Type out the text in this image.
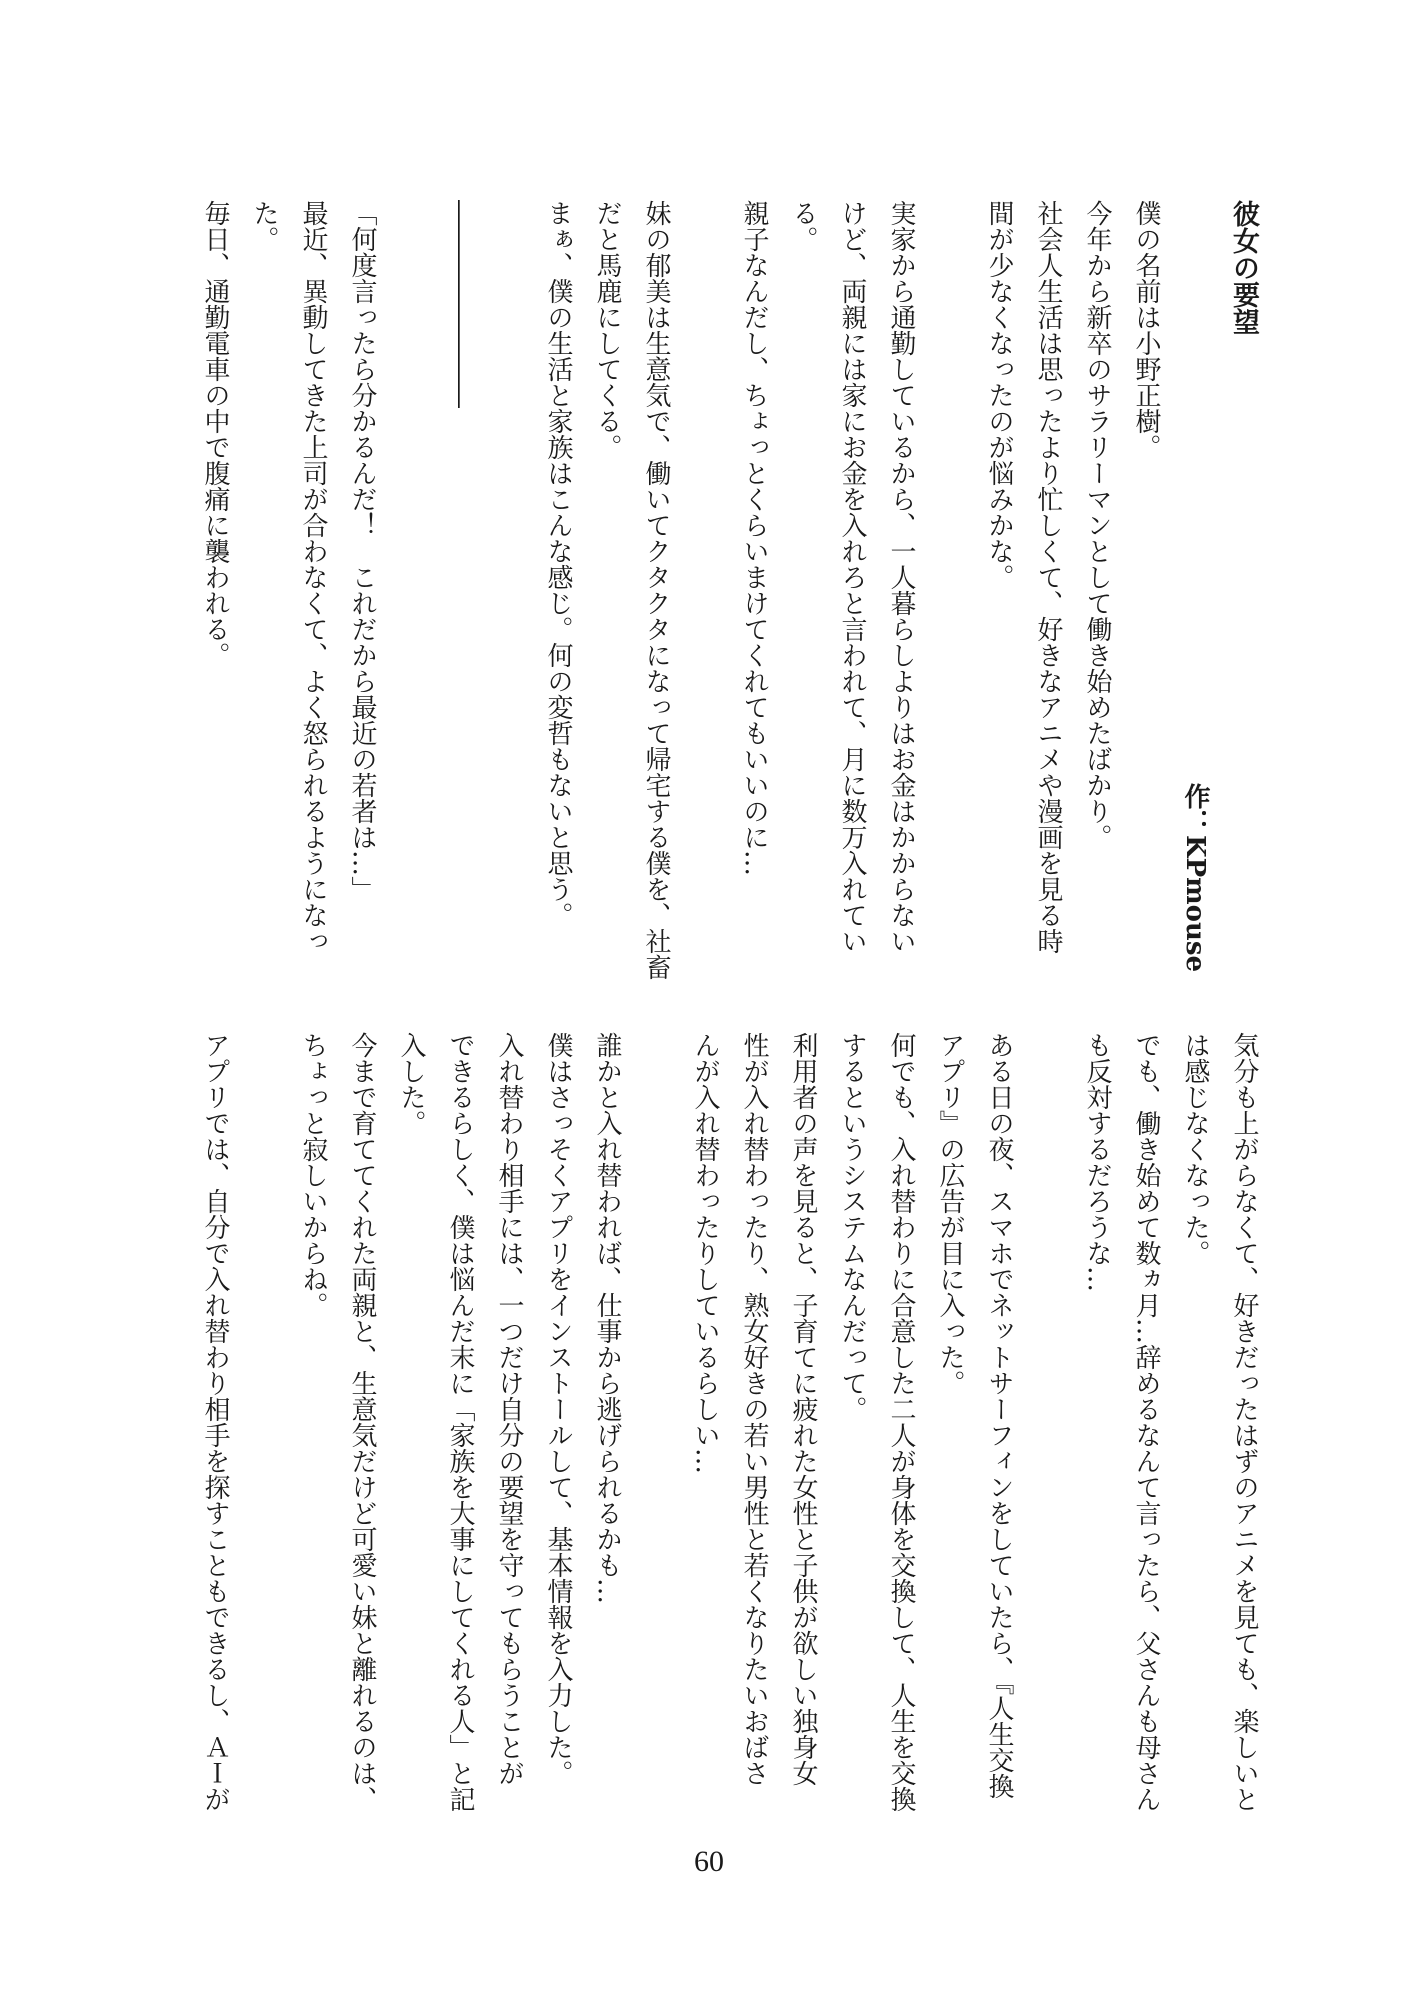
彼女の要望
作：KPmouse
僕の名前は小野正樹。
今年から新卒のサラリーマンとして働き始めたばかり。
社会人生活は思ったより忙しくて、好きなアニメや漫画を見る時
間が少なくなったのが悩みかな。
実家から通勤しているから、一人暮らしよりはお金はかからない
けど、両親には家にお金を入れろと言われて、月に数万入れてい
る。
親子なんだし、ちょっとくらいまけてくれてもいいのに…
妹の郁美は生意気で、働いてクタクタになって帰宅する僕を、社畜
だと馬鹿にしてくる。
まぁ、僕の生活と家族はこんな感じ。何の変哲もないと思う。
――――――――
「何度言ったら分かるんだ！　これだから最近の若者は…」
最近、異動してきた上司が合わなくて、よく怒られるようになっ
た。
毎日、通勤電車の中で腹痛に襲われる。
気分も上がらなくて、好きだったはずのアニメを見ても、楽しいと
は感じなくなった。
でも、働き始めて数ヵ月…辞めるなんて言ったら、父さんも母さん
も反対するだろうな…
ある日の夜、スマホでネットサーフィンをしていたら、『人生交換
アプリ』の広告が目に入った。
何でも、入れ替わりに合意した二人が身体を交換して、人生を交換
するというシステムなんだって。
利用者の声を見ると、子育てに疲れた女性と子供が欲しい独身女
性が入れ替わったり、熟女好きの若い男性と若くなりたいおばさ
んが入れ替わったりしているらしい…
誰かと入れ替われば、仕事から逃げられるかも…
僕はさっそくアプリをインストールして、基本情報を入力した。
入れ替わり相手には、一つだけ自分の要望を守ってもらうことが
できるらしく、僕は悩んだ末に「家族を大事にしてくれる人」と記
入した。
今まで育ててくれた両親と、生意気だけど可愛い妹と離れるのは、
ちょっと寂しいからね。
アプリでは、自分で入れ替わり相手を探すこともできるし、ＡＩが
60
